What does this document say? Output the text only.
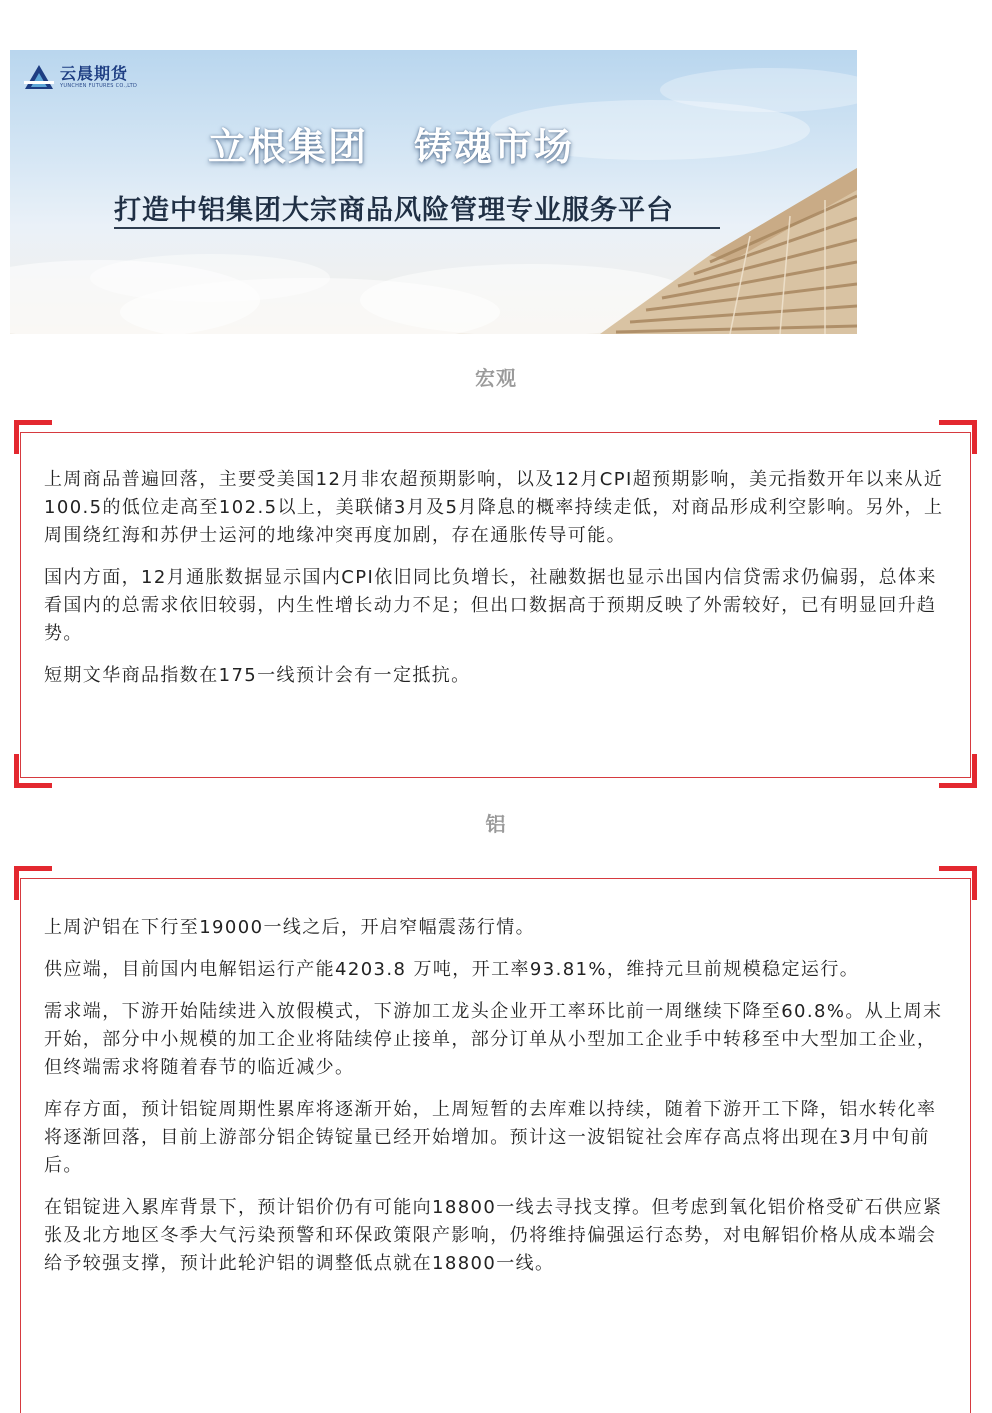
云晨期货
YUNCHEN FUTURES CO.,LTD
立根集团 铸魂市场
打造中铝集团大宗商品风险管理专业服务平台
宏观

上周商品普遍回落，主要受美国12月非农超预期影响，以及12月CPI超预期影响，美元指数开年以来从近100.5的低位走高至102.5以上，美联储3月及5月降息的概率持续走低，对商品形成利空影响。另外，上周围绕红海和苏伊士运河的地缘冲突再度加剧，存在通胀传导可能。

国内方面，12月通胀数据显示国内CPI依旧同比负增长，社融数据也显示出国内信贷需求仍偏弱，总体来看国内的总需求依旧较弱，内生性增长动力不足；但出口数据高于预期反映了外需较好，已有明显回升趋势。

短期文华商品指数在175一线预计会有一定抵抗。

铝

上周沪铝在下行至19000一线之后，开启窄幅震荡行情。

供应端，目前国内电解铝运行产能4203.8 万吨，开工率93.81%，维持元旦前规模稳定运行。

需求端，下游开始陆续进入放假模式，下游加工龙头企业开工率环比前一周继续下降至60.8%。从上周末开始，部分中小规模的加工企业将陆续停止接单，部分订单从小型加工企业手中转移至中大型加工企业，但终端需求将随着春节的临近减少。

库存方面，预计铝锭周期性累库将逐渐开始，上周短暂的去库难以持续，随着下游开工下降，铝水转化率将逐渐回落，目前上游部分铝企铸锭量已经开始增加。预计这一波铝锭社会库存高点将出现在3月中旬前后。

在铝锭进入累库背景下，预计铝价仍有可能向18800一线去寻找支撑。但考虑到氧化铝价格受矿石供应紧张及北方地区冬季大气污染预警和环保政策限产影响，仍将维持偏强运行态势，对电解铝价格从成本端会给予较强支撑，预计此轮沪铝的调整低点就在18800一线。
